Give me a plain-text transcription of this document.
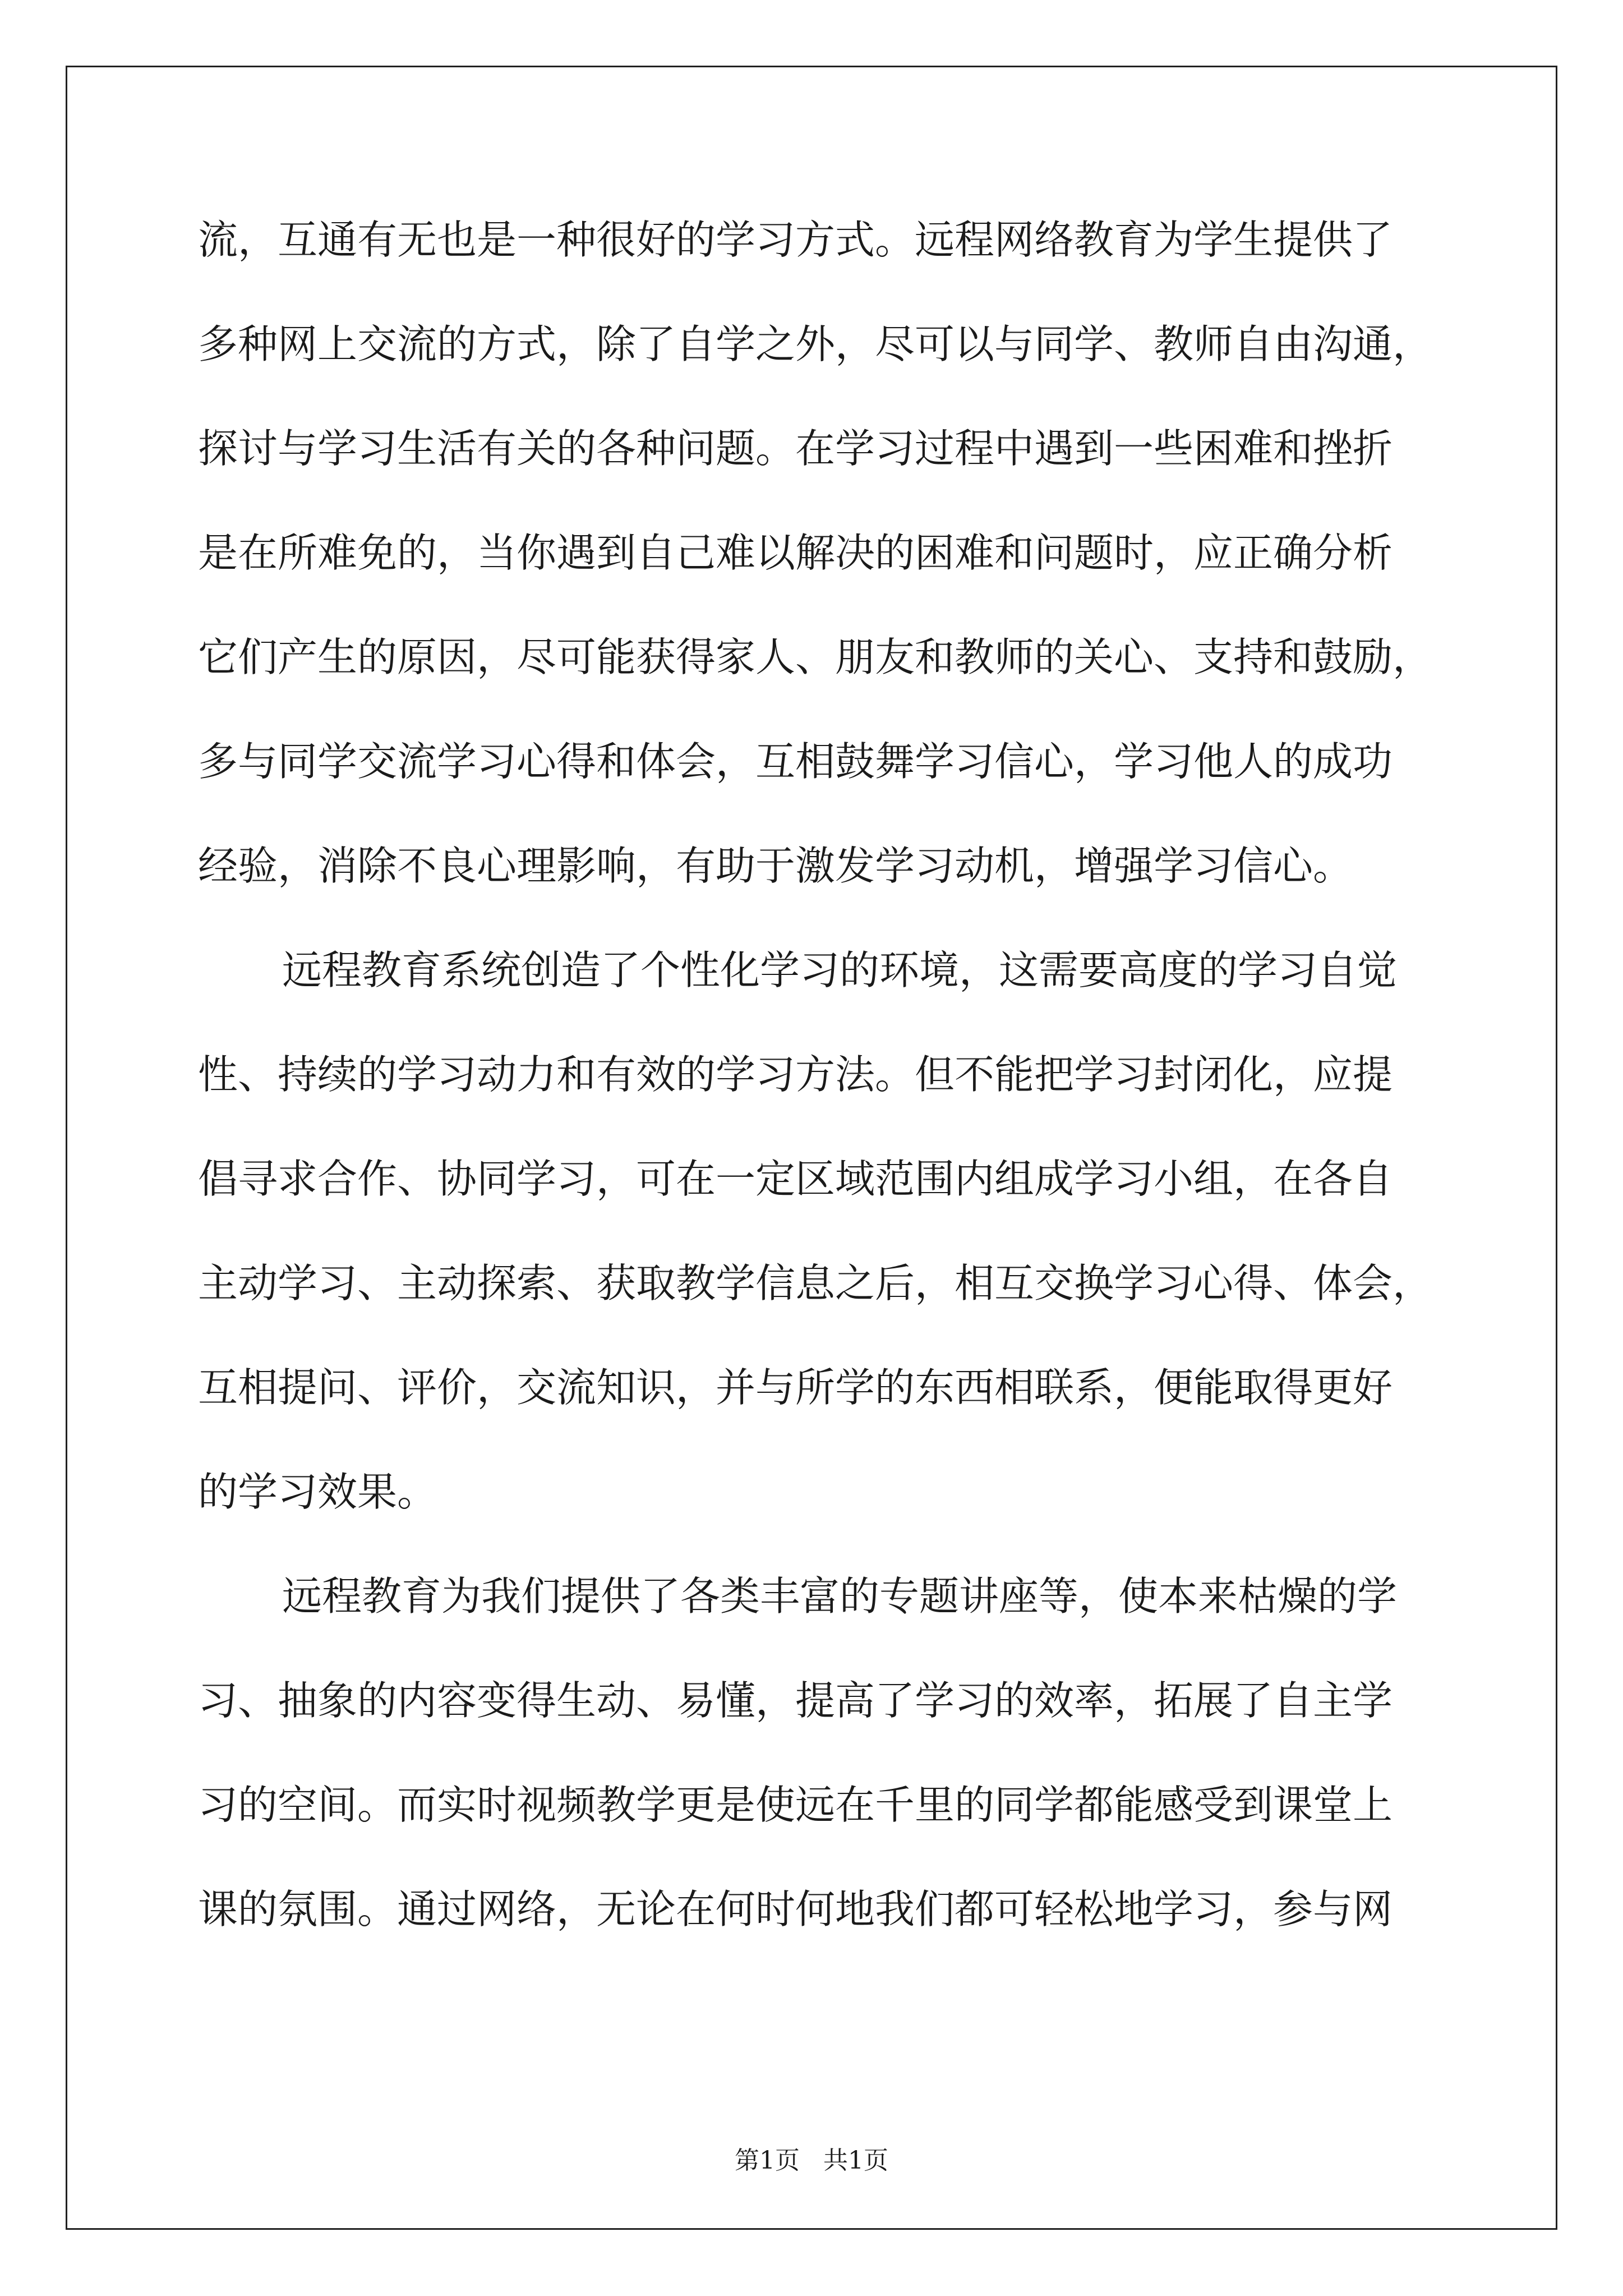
流，互通有无也是一种很好的学习方式。远程网络教育为学生提供了
多种网上交流的方式，除了自学之外，尽可以与同学、教师自由沟通，
探讨与学习生活有关的各种问题。在学习过程中遇到一些困难和挫折
是在所难免的，当你遇到自己难以解决的困难和问题时，应正确分析
它们产生的原因，尽可能获得家人、朋友和教师的关心、支持和鼓励，
多与同学交流学习心得和体会，互相鼓舞学习信心，学习他人的成功
经验，消除不良心理影响，有助于激发学习动机，增强学习信心。
远程教育系统创造了个性化学习的环境，这需要高度的学习自觉
性、持续的学习动力和有效的学习方法。但不能把学习封闭化，应提
倡寻求合作、协同学习，可在一定区域范围内组成学习小组，在各自
主动学习、主动探索、获取教学信息之后，相互交换学习心得、体会，
互相提问、评价，交流知识，并与所学的东西相联系，便能取得更好
的学习效果。
远程教育为我们提供了各类丰富的专题讲座等，使本来枯燥的学
习、抽象的内容变得生动、易懂，提高了学习的效率，拓展了自主学
习的空间。而实时视频教学更是使远在千里的同学都能感受到课堂上
课的氛围。通过网络，无论在何时何地我们都可轻松地学习，参与网
第1页 共1页
